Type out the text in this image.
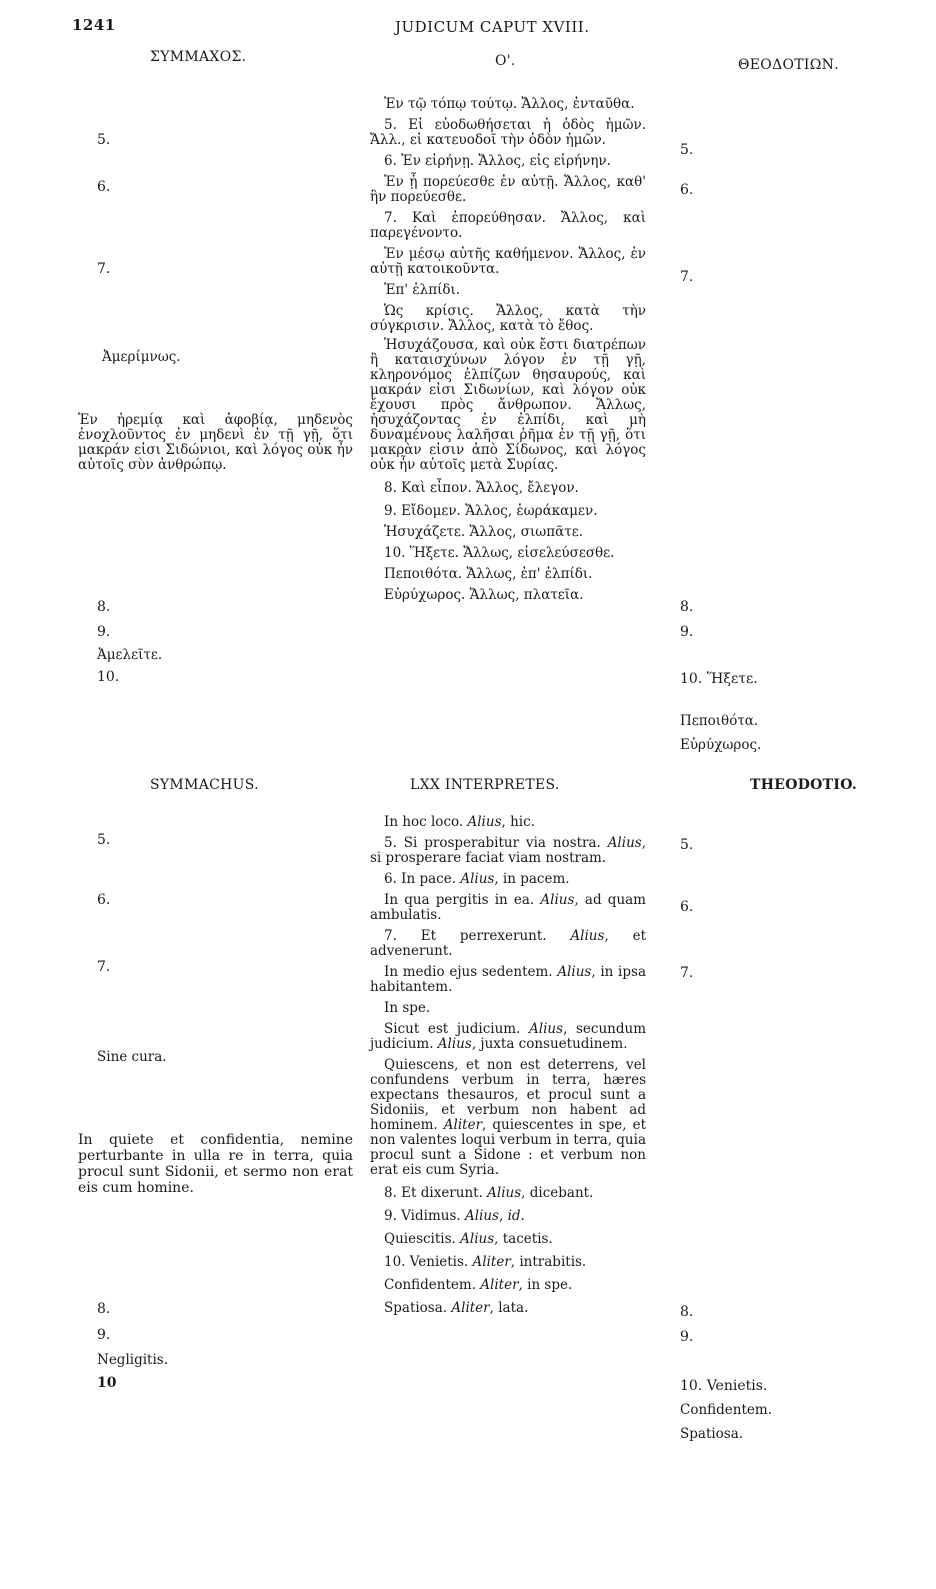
1241	JUDICUM CAPUT XVIII.
ΣΥΜΜΑΧΟΣ.	Ο'.	ΘΕΟΔΟΤΙΩΝ.

Ἐν τῷ τόπῳ τούτῳ. Ἄλλος, ἐνταῦθα.

5. Εἰ εὐοδωθήσεται ἡ ὁδὸς ἡμῶν. Ἄλλ., εἰ κατευοδοῖ τὴν ὁδὸν ἡμῶν.

6. Ἐν εἰρήνῃ. Ἄλλος, εἰς εἰρήνην.

Ἐν ᾗ πορεύεσθε ἐν αὐτῇ. Ἄλλος, καθ' ἣν πορεύεσθε.

7. Καὶ ἐπορεύθησαν. Ἄλλος, καὶ παρεγένοντο.

Ἐν μέσῳ αὐτῆς καθήμενον. Ἄλλος, ἐν αὐτῇ κατοικοῦντα.

Ἐπ' ἐλπίδι.

Ὡς κρίσις. Ἄλλος, κατὰ τὴν σύγκρισιν. Ἄλλος, κατὰ τὸ ἔθος.

Ἡσυχάζουσα, καὶ οὐκ ἔστι διατρέπων ἢ καταισχύνων λόγον ἐν τῇ γῇ, κληρονόμος ἐλπίζων θησαυρούς, καὶ μακράν εἰσι Σιδωνίων, καὶ λόγον οὐκ ἔχουσι πρὸς ἄνθρωπον. Ἄλλως, ἡσυχάζοντας ἐν ἐλπίδι, καὶ μὴ δυναμένους λαλῆσαι ῥῆμα ἐν τῇ γῇ, ὅτι μακρὰν εἰσιν ἀπὸ Σίδωνος, καὶ λόγος οὐκ ἦν αὐτοῖς μετὰ Συρίας.

8. Καὶ εἶπον. Ἄλλος, ἔλεγον.

9. Εἴδομεν. Ἄλλος, ἑωράκαμεν.

Ἡσυχάζετε. Ἄλλος, σιωπᾶτε.

10. Ἥξετε. Ἄλλως, εἰσελεύσεσθε.

Πεποιθότα. Ἄλλως, ἐπ' ἐλπίδι.

Εὐρύχωρος. Ἄλλως, πλατεῖα.

5.
6.
7.
Ἀμερίμνως.
Ἐν ἠρεμίᾳ καὶ ἀφοβίᾳ, μηδενὸς ἐνοχλοῦντος ἐν μηδενὶ ἐν τῇ γῇ, ὅτι μακράν εἰσι Σιδώνιοι, καὶ λόγος οὐκ ἦν αὐτοῖς σὺν ἀνθρώπῳ.
8.
9.
Ἀμελεῖτε.
10.
5.
6.
7.
8.
9.
10. Ἥξετε.
Πεποιθότα.
Εὐρύχωρος.
SYMMACHUS.	LXX INTERPRETES.	THEODOTIO.

In hoc loco. Alius, hic.

5. Si prosperabitur via nostra. Alius, si prosperare faciat viam nostram.

6. In pace. Alius, in pacem.

In qua pergitis in ea. Alius, ad quam ambulatis.

7. Et perrexerunt. Alius, et advenerunt.

In medio ejus sedentem. Alius, in ipsa habitantem.

In spe.

Sicut est judicium. Alius, secundum judicium. Alius, juxta consuetudinem.

Quiescens, et non est deterrens, vel confundens verbum in terra, hæres expectans thesauros, et procul sunt a Sidoniis, et verbum non habent ad hominem. Aliter, quiescentes in spe, et non valentes loqui verbum in terra, quia procul sunt a Sidone : et verbum non erat eis cum Syria.

8. Et dixerunt. Alius, dicebant.

9. Vidimus. Alius, id.

Quiescitis. Alius, tacetis.

10. Venietis. Aliter, intrabitis.

Confidentem. Aliter, in spe.

Spatiosa. Aliter, lata.

5.
6.
7.
Sine cura.
In quiete et confidentia, nemine perturbante in ulla re in terra, quia procul sunt Sidonii, et sermo non erat eis cum homine.
8.
9.
Negligitis.
10
5.
6.
7.
8.
9.
10. Venietis.
Confidentem.
Spatiosa.
